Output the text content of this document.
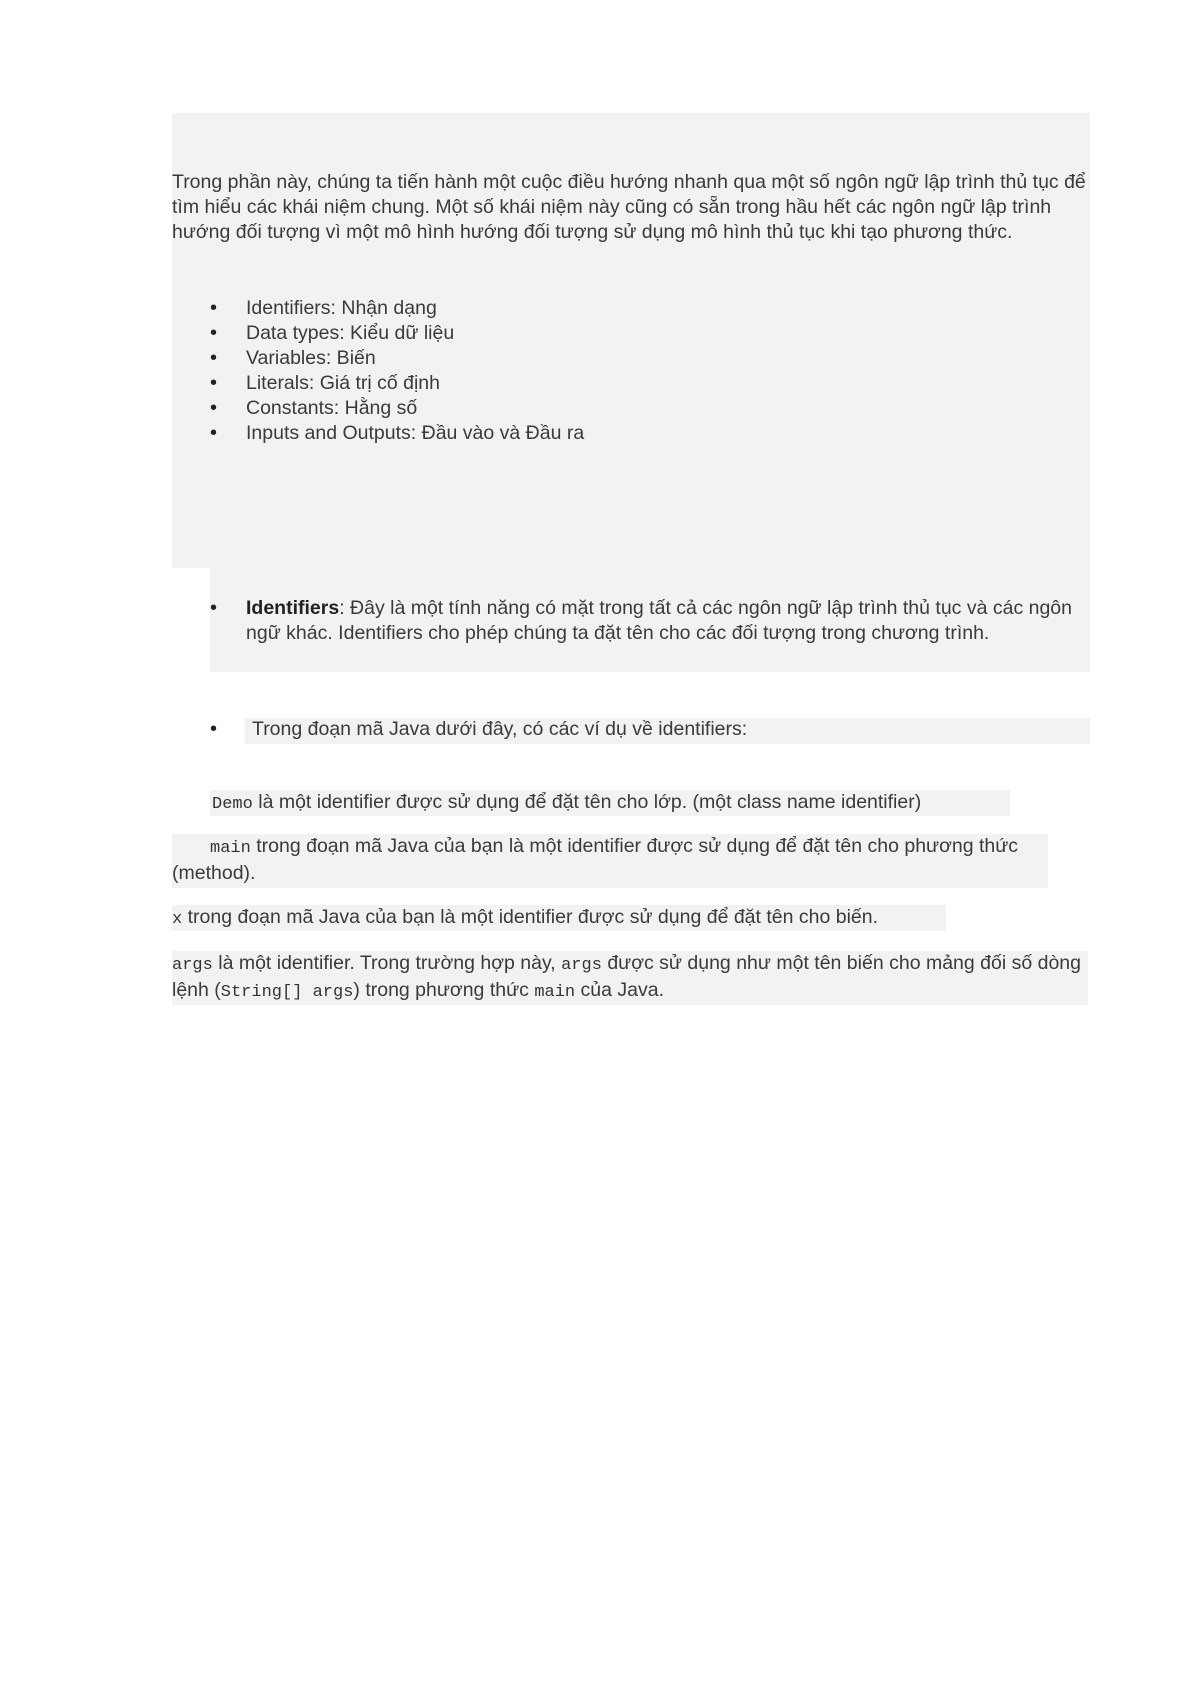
Trong phần này, chúng ta tiến hành một cuộc điều hướng nhanh qua một số ngôn ngữ lập trình thủ tục để tìm hiểu các khái niệm chung. Một số khái niệm này cũng có sẵn trong hầu hết các ngôn ngữ lập trình hướng đối tượng vì một mô hình hướng đối tượng sử dụng mô hình thủ tục khi tạo phương thức.

• Identifiers: Nhận dạng
• Data types: Kiểu dữ liệu
• Variables: Biến
• Literals: Giá trị cố định
• Constants: Hằng số
• Inputs and Outputs: Đầu vào và Đầu ra
• Identifiers: Đây là một tính năng có mặt trong tất cả các ngôn ngữ lập trình thủ tục và các ngôn ngữ khác. Identifiers cho phép chúng ta đặt tên cho các đối tượng trong chương trình.
• Trong đoạn mã Java dưới đây, có các ví dụ về identifiers:

Demo là một identifier được sử dụng để đặt tên cho lớp. (một class name identifier)

main trong đoạn mã Java của bạn là một identifier được sử dụng để đặt tên cho phương thức (method).

x trong đoạn mã Java của bạn là một identifier được sử dụng để đặt tên cho biến.

args là một identifier. Trong trường hợp này, args được sử dụng như một tên biến cho mảng đối số dòng lệnh (String[] args) trong phương thức main của Java.
